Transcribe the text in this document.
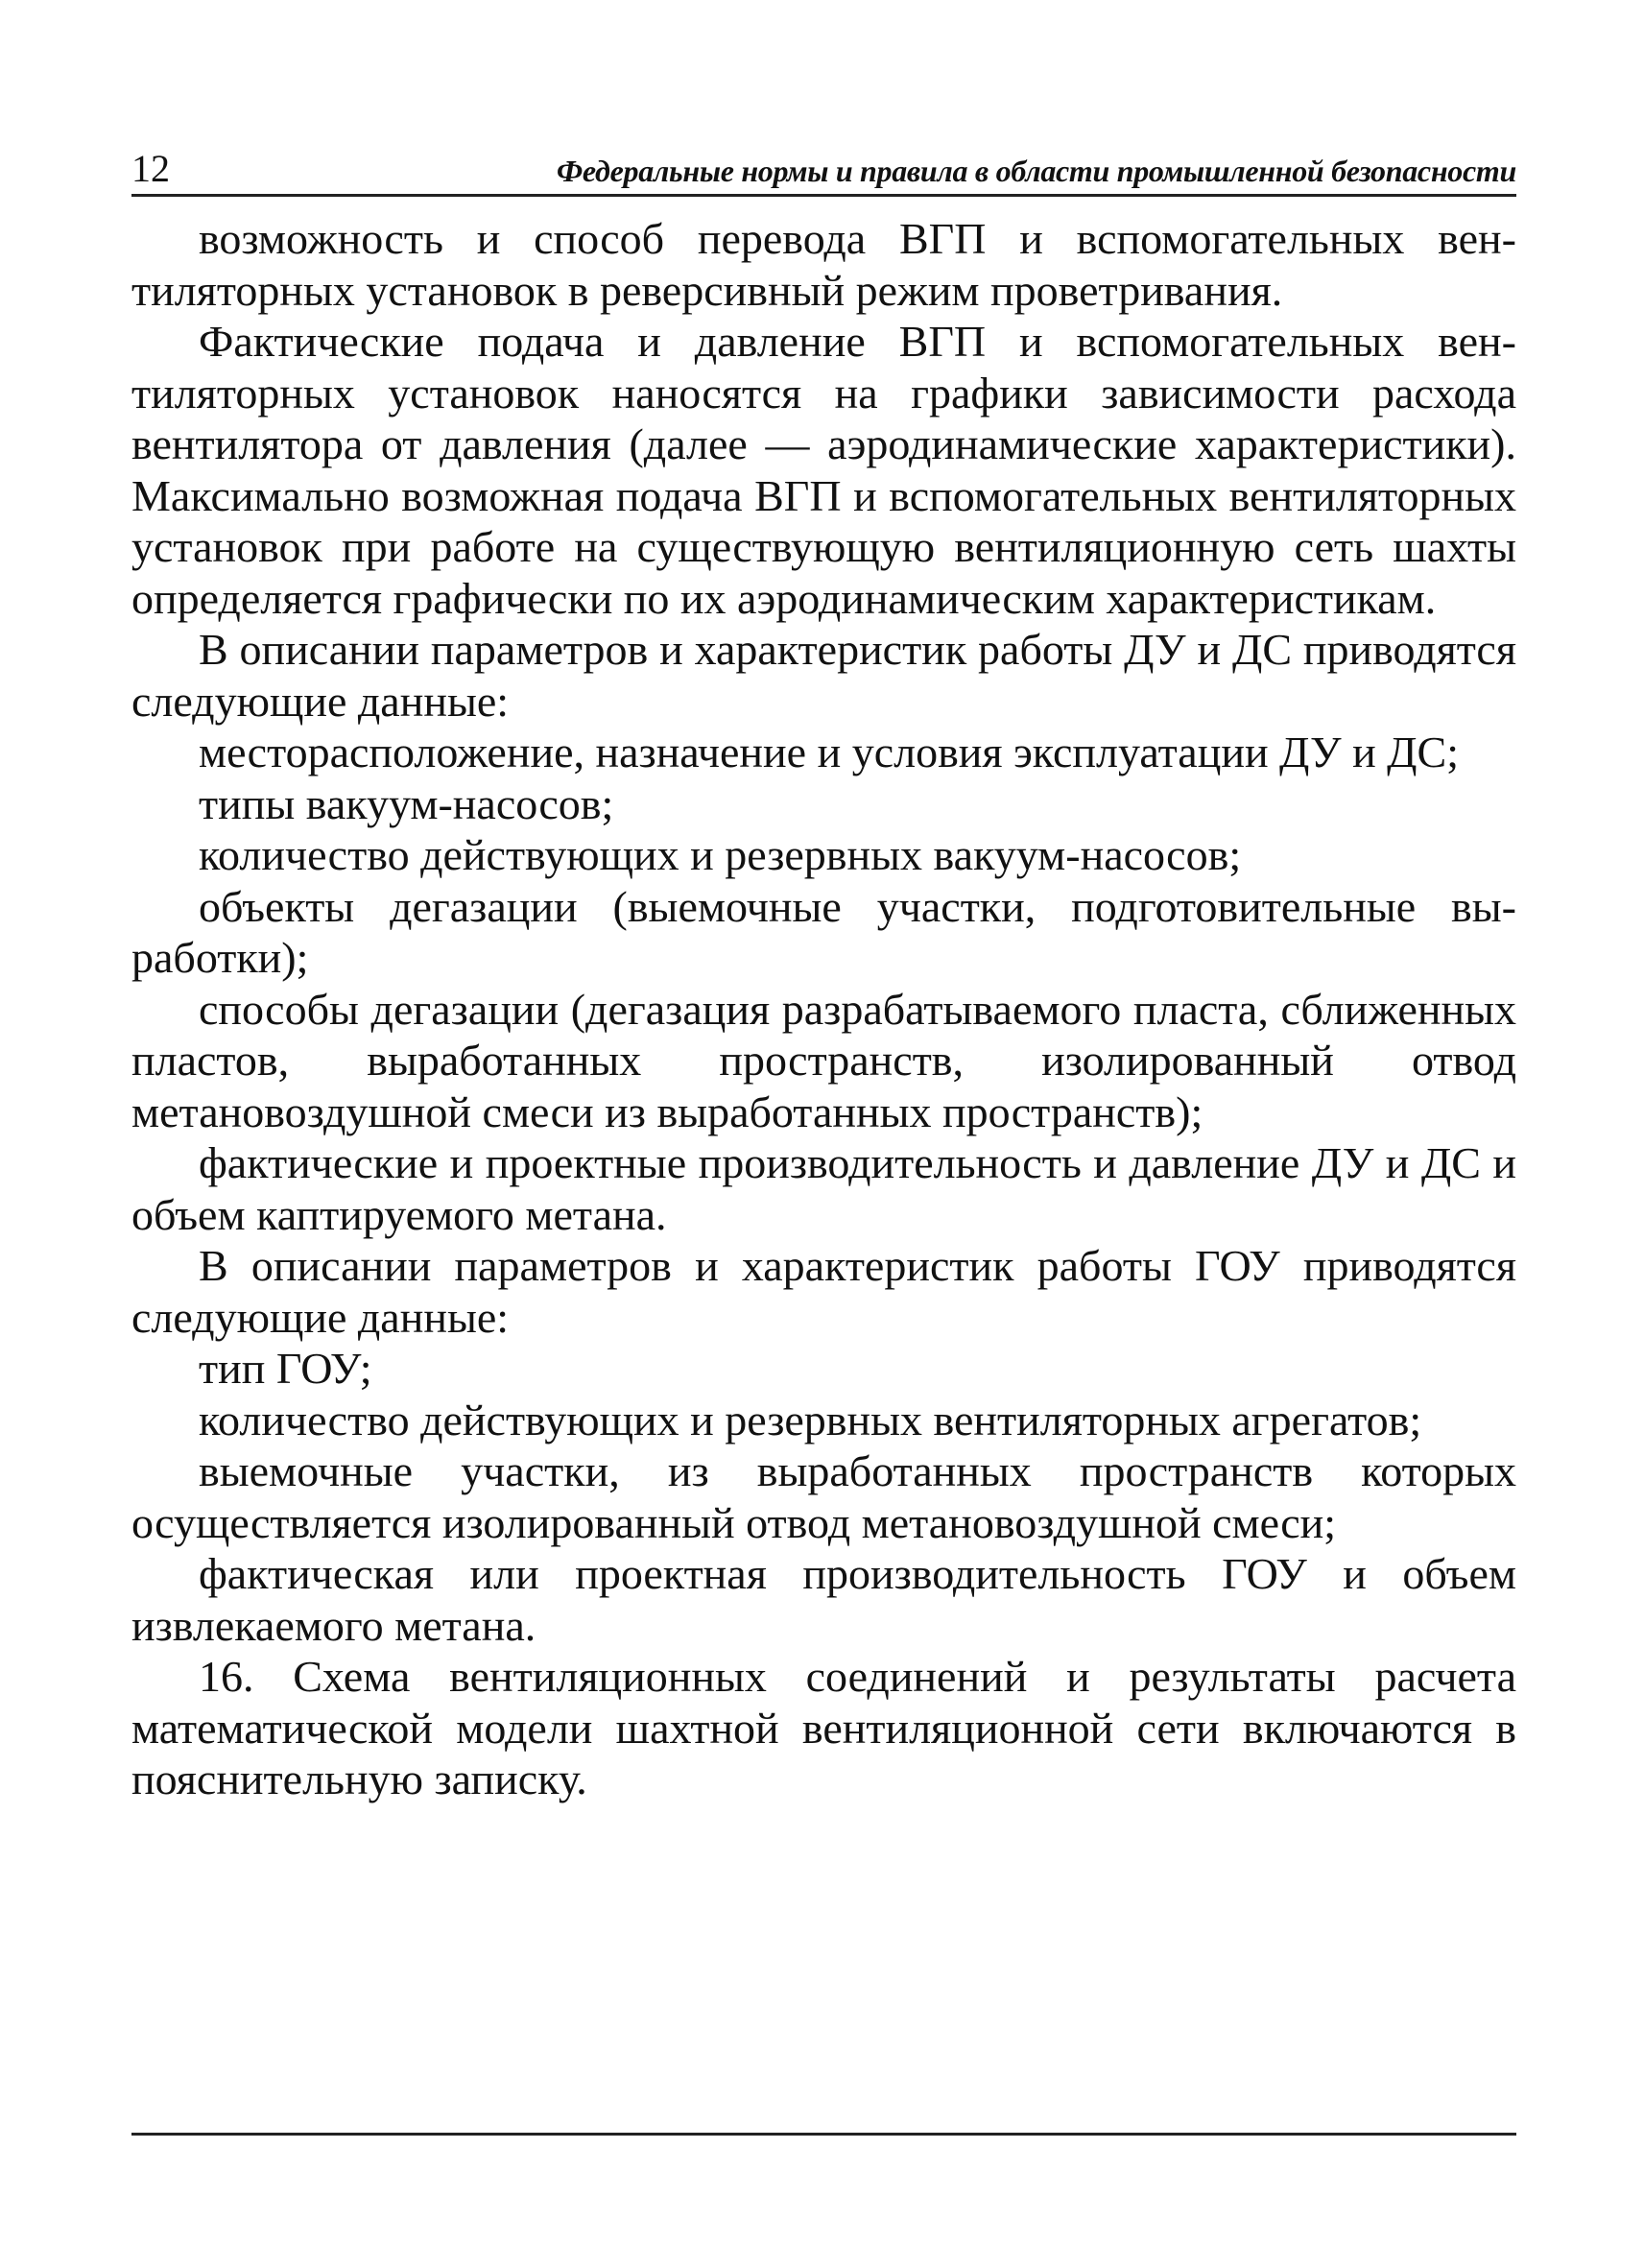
12	Федеральные нормы и правила в области промышленной безопасности

возможность и способ перевода ВГП и вспомогательных вентиляторных установок в реверсивный режим проветривания.

Фактические подача и давление ВГП и вспомогательных вентиляторных установок наносятся на графики зависимости расхода вентилятора от давления (далее — аэродинамические характеристики). Максимально возможная подача ВГП и вспомогательных вентиляторных установок при работе на существующую вентиляционную сеть шахты определяется графически по их аэродинамическим характеристикам.

В описании параметров и характеристик работы ДУ и ДС приводятся следующие данные:

месторасположение, назначение и условия эксплуатации ДУ и ДС;

типы вакуум-насосов;

количество действующих и резервных вакуум-насосов;

объекты дегазации (выемочные участки, подготовительные выработки);

способы дегазации (дегазация разрабатываемого пласта, сближенных пластов, выработанных пространств, изолированный отвод метановоздушной смеси из выработанных пространств);

фактические и проектные производительность и давление ДУ и ДС и объем каптируемого метана.

В описании параметров и характеристик работы ГОУ приводятся следующие данные:

тип ГОУ;

количество действующих и резервных вентиляторных агрегатов;

выемочные участки, из выработанных пространств которых осуществляется изолированный отвод метановоздушной смеси;

фактическая или проектная производительность ГОУ и объем извлекаемого метана.

16. Схема вентиляционных соединений и результаты расчета математической модели шахтной вентиляционной сети включаются в пояснительную записку.
